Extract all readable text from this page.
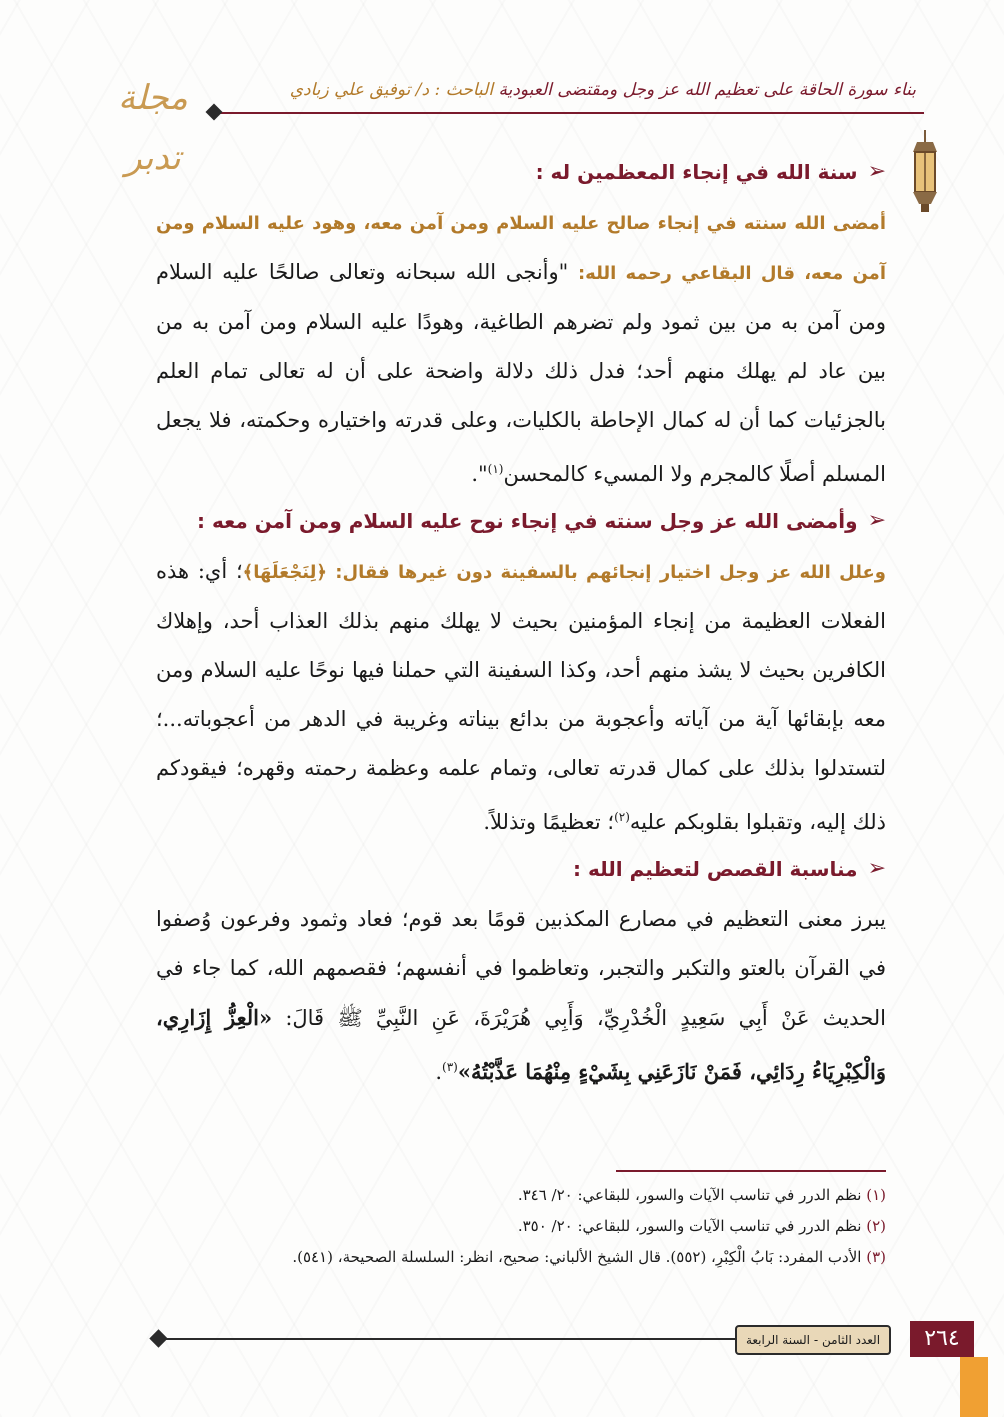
بناء سورة الحاقة على تعظيم الله عز وجل ومقتضى العبودية الباحث : د/ توفيق علي زبادي
مجلة تدبر	➢
سنة الله في إنجاء المعظمين له :

أمضى الله سنته في إنجاء صالح عليه السلام ومن آمن معه، وهود عليه السلام ومن آمن معه، قال البقاعي رحمه الله: "وأنجى الله سبحانه وتعالى صالحًا عليه السلام ومن آمن به من بين ثمود ولم تضرهم الطاغية، وهودًا عليه السلام ومن آمن به من بين عاد لم يهلك منهم أحد؛ فدل ذلك دلالة واضحة على أن له تعالى تمام العلم بالجزئيات كما أن له كمال الإحاطة بالكليات، وعلى قدرته واختياره وحكمته، فلا يجعل المسلم أصلًا كالمجرم ولا المسيء كالمحسن$^{(١)}$".

➢
وأمضى الله عز وجل سنته في إنجاء نوح عليه السلام ومن آمن معه :

وعلل الله عز وجل اختيار إنجائهم بالسفينة دون غيرها فقال: ﴿لِنَجْعَلَهَا﴾؛ أي: هذه الفعلات العظيمة من إنجاء المؤمنين بحيث لا يهلك منهم بذلك العذاب أحد، وإهلاك الكافرين بحيث لا يشذ منهم أحد، وكذا السفينة التي حملنا فيها نوحًا عليه السلام ومن معه بإبقائها آية من آياته وأعجوبة من بدائع بيناته وغريبة في الدهر من أعجوباته...؛ لتستدلوا بذلك على كمال قدرته تعالى، وتمام علمه وعظمة رحمته وقهره؛ فيقودكم ذلك إليه، وتقبلوا بقلوبكم عليه$^{(٢)}$؛ تعظيمًا وتذللاً.

➢
مناسبة القصص لتعظيم الله :

يبرز معنى التعظيم في مصارع المكذبين قومًا بعد قوم؛ فعاد وثمود وفرعون وُصفوا في القرآن بالعتو والتكبر والتجبر، وتعاظموا في أنفسهم؛ فقصمهم الله، كما جاء في الحديث عَنْ أَبِي سَعِيدٍ الْخُدْرِيِّ، وَأَبِي هُرَيْرَةَ، عَنِ النَّبِيِّ ﷺ قَالَ: «الْعِزُّ إِزَارِي، وَالْكِبْرِيَاءُ رِدَائِي، فَمَنْ نَازَعَنِي بِشَيْءٍ مِنْهُمَا عَذَّبْتُهُ»$^{(٣)}$.

(١) نظم الدرر في تناسب الآيات والسور، للبقاعي: ٢٠/ ٣٤٦.
(٢) نظم الدرر في تناسب الآيات والسور، للبقاعي: ٢٠/ ٣٥٠.
(٣) الأدب المفرد: بَابُ الْكِبْرِ، (٥٥٢). قال الشيخ الألباني: صحيح، انظر: السلسلة الصحيحة، (٥٤١).
العدد الثامن - السنة الرابعة	٢٦٤
